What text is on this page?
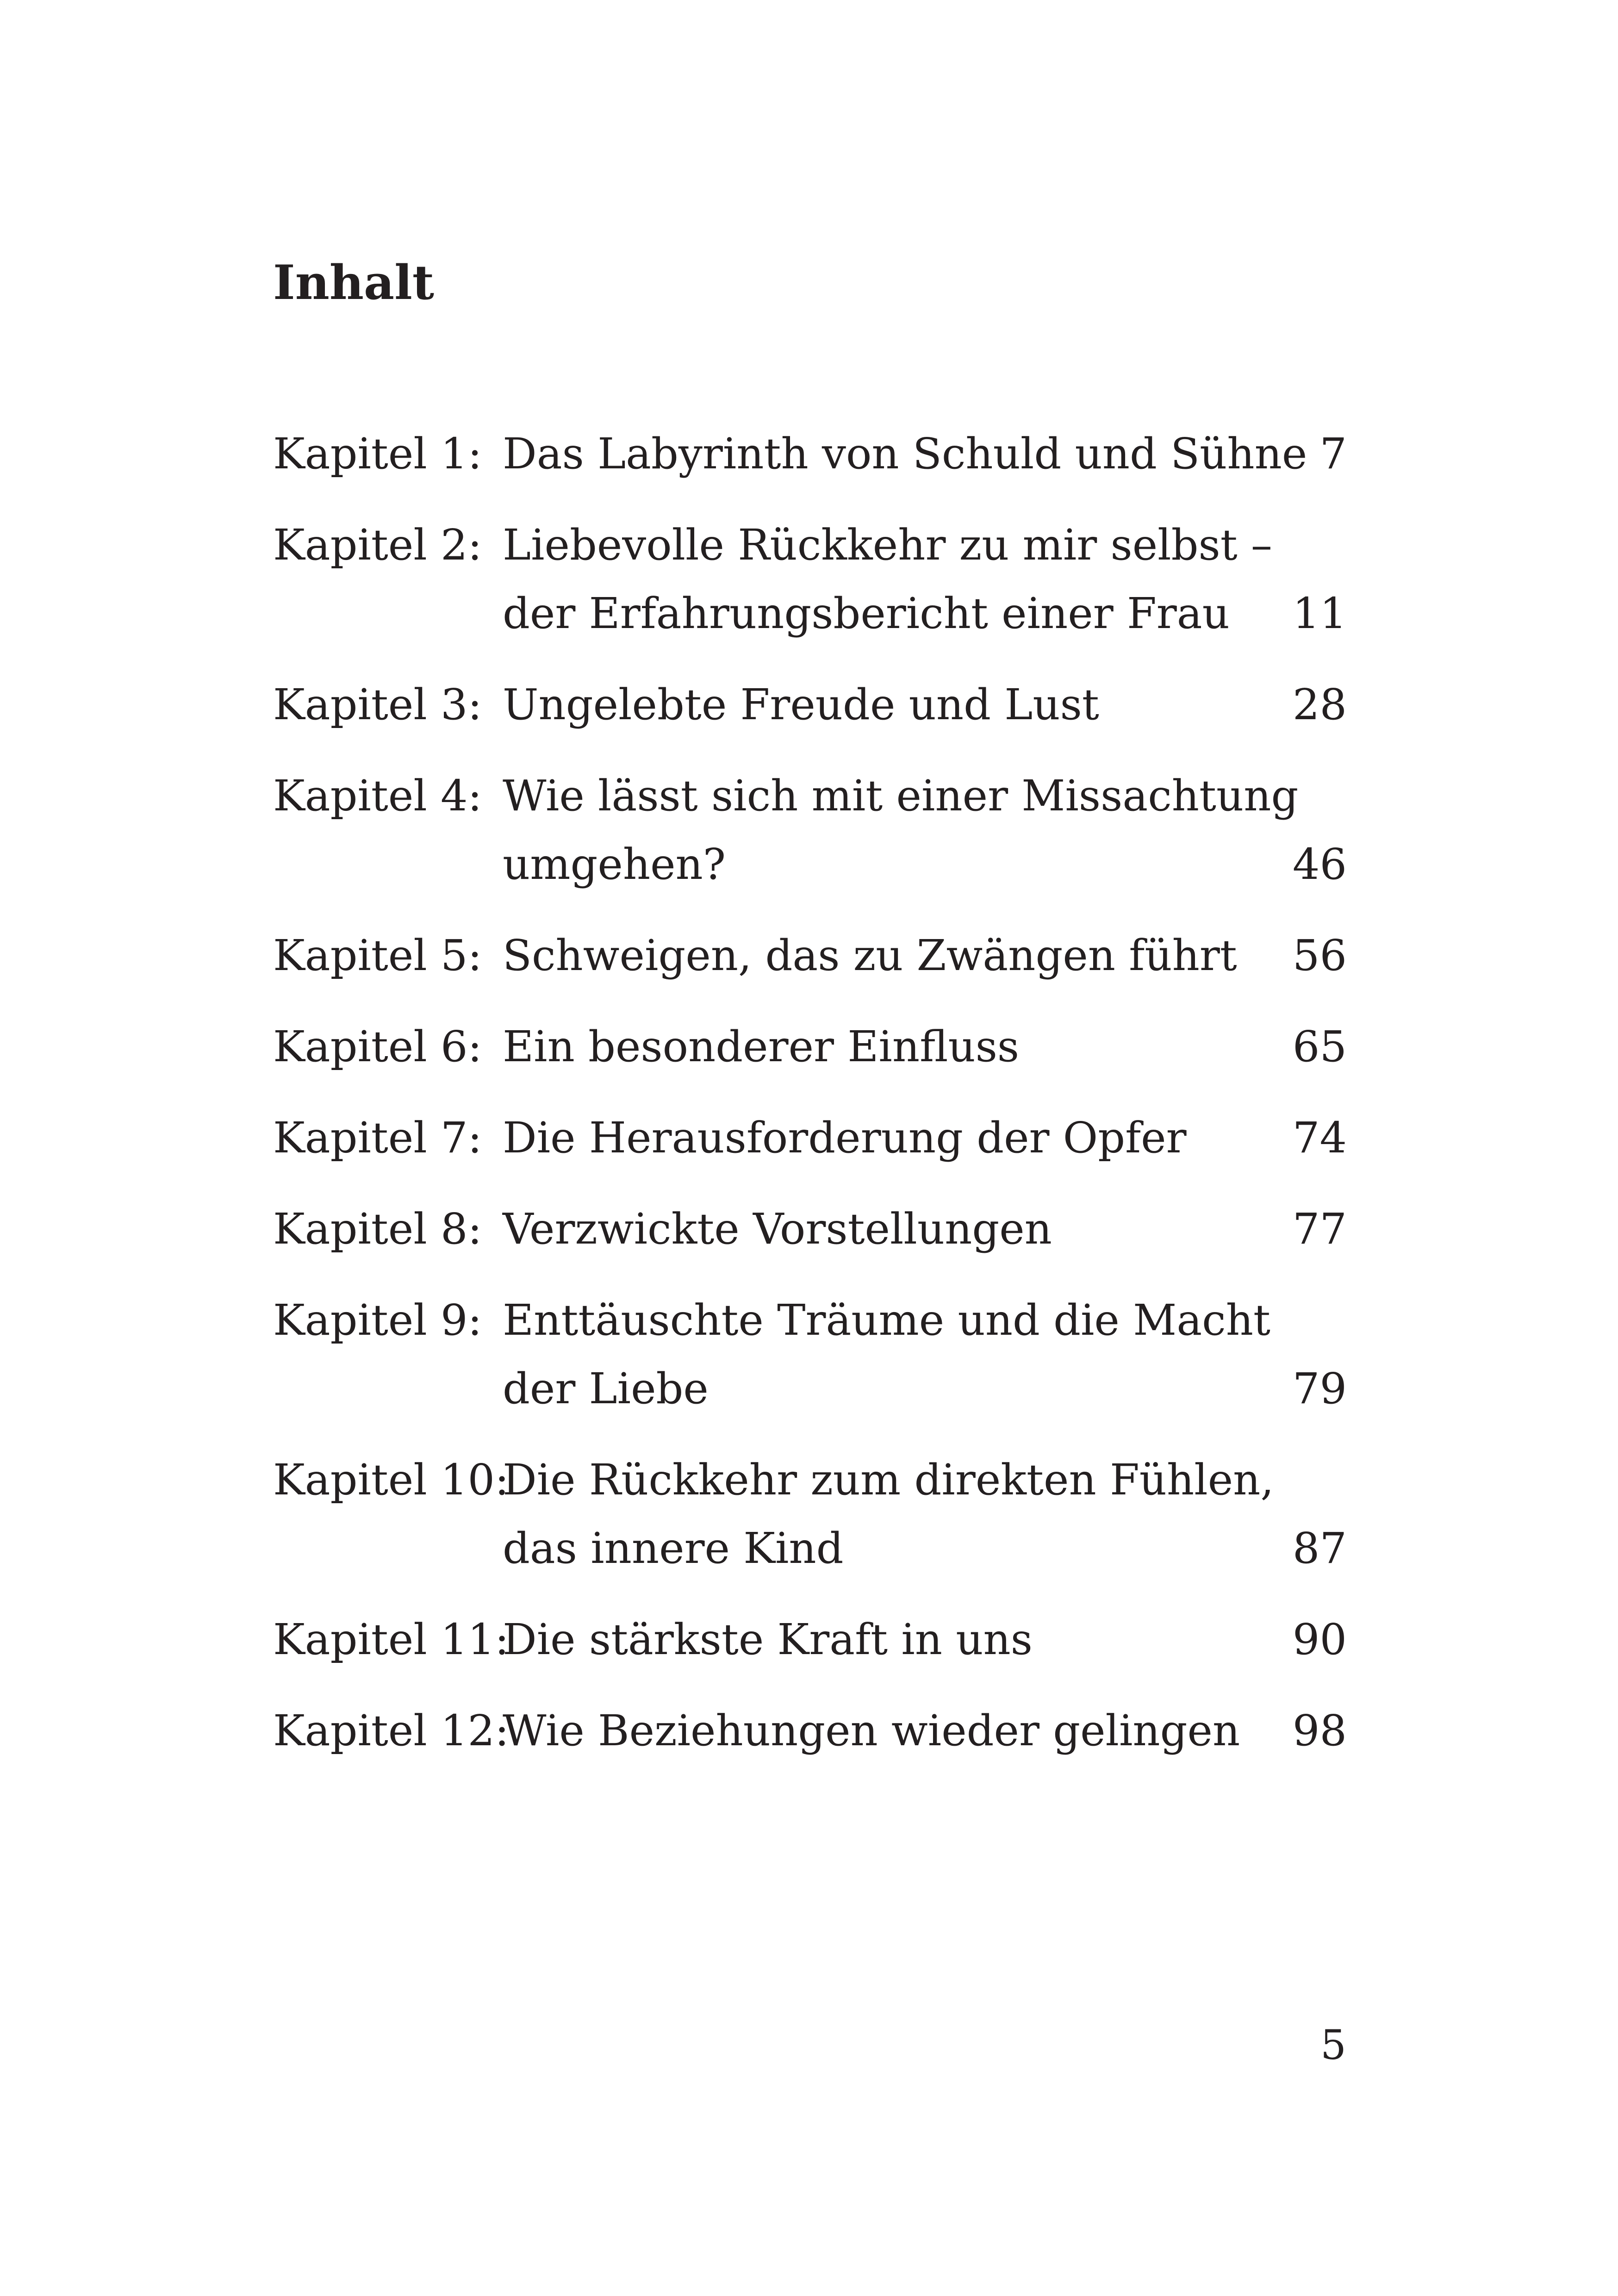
Inhalt
Kapitel 1: Das Labyrinth von Schuld und Sühne 7
Kapitel 2: Liebevolle Rückkehr zu mir selbst –
der Erfahrungsbericht einer Frau 11
Kapitel 3: Ungelebte Freude und Lust	28
Kapitel 4: Wie lässt sich mit einer Missachtung
umgehen?	46
Kapitel 5: Schweigen, das zu Zwängen führt 56
Kapitel 6: Ein besonderer Einfluss	65
Kapitel 7: Die Herausforderung der Opfer 74
Kapitel 8: Verzwickte Vorstellungen	77
Kapitel 9: Enttäuschte Träume und die Macht
der Liebe	79
Kapitel 10:
Die Rückkehr zum direkten Fühlen,
das innere Kind	87
Kapitel 11:
Die stärkste Kraft in uns	90
Kapitel 12:
Wie Beziehungen wieder gelingen 98
5
